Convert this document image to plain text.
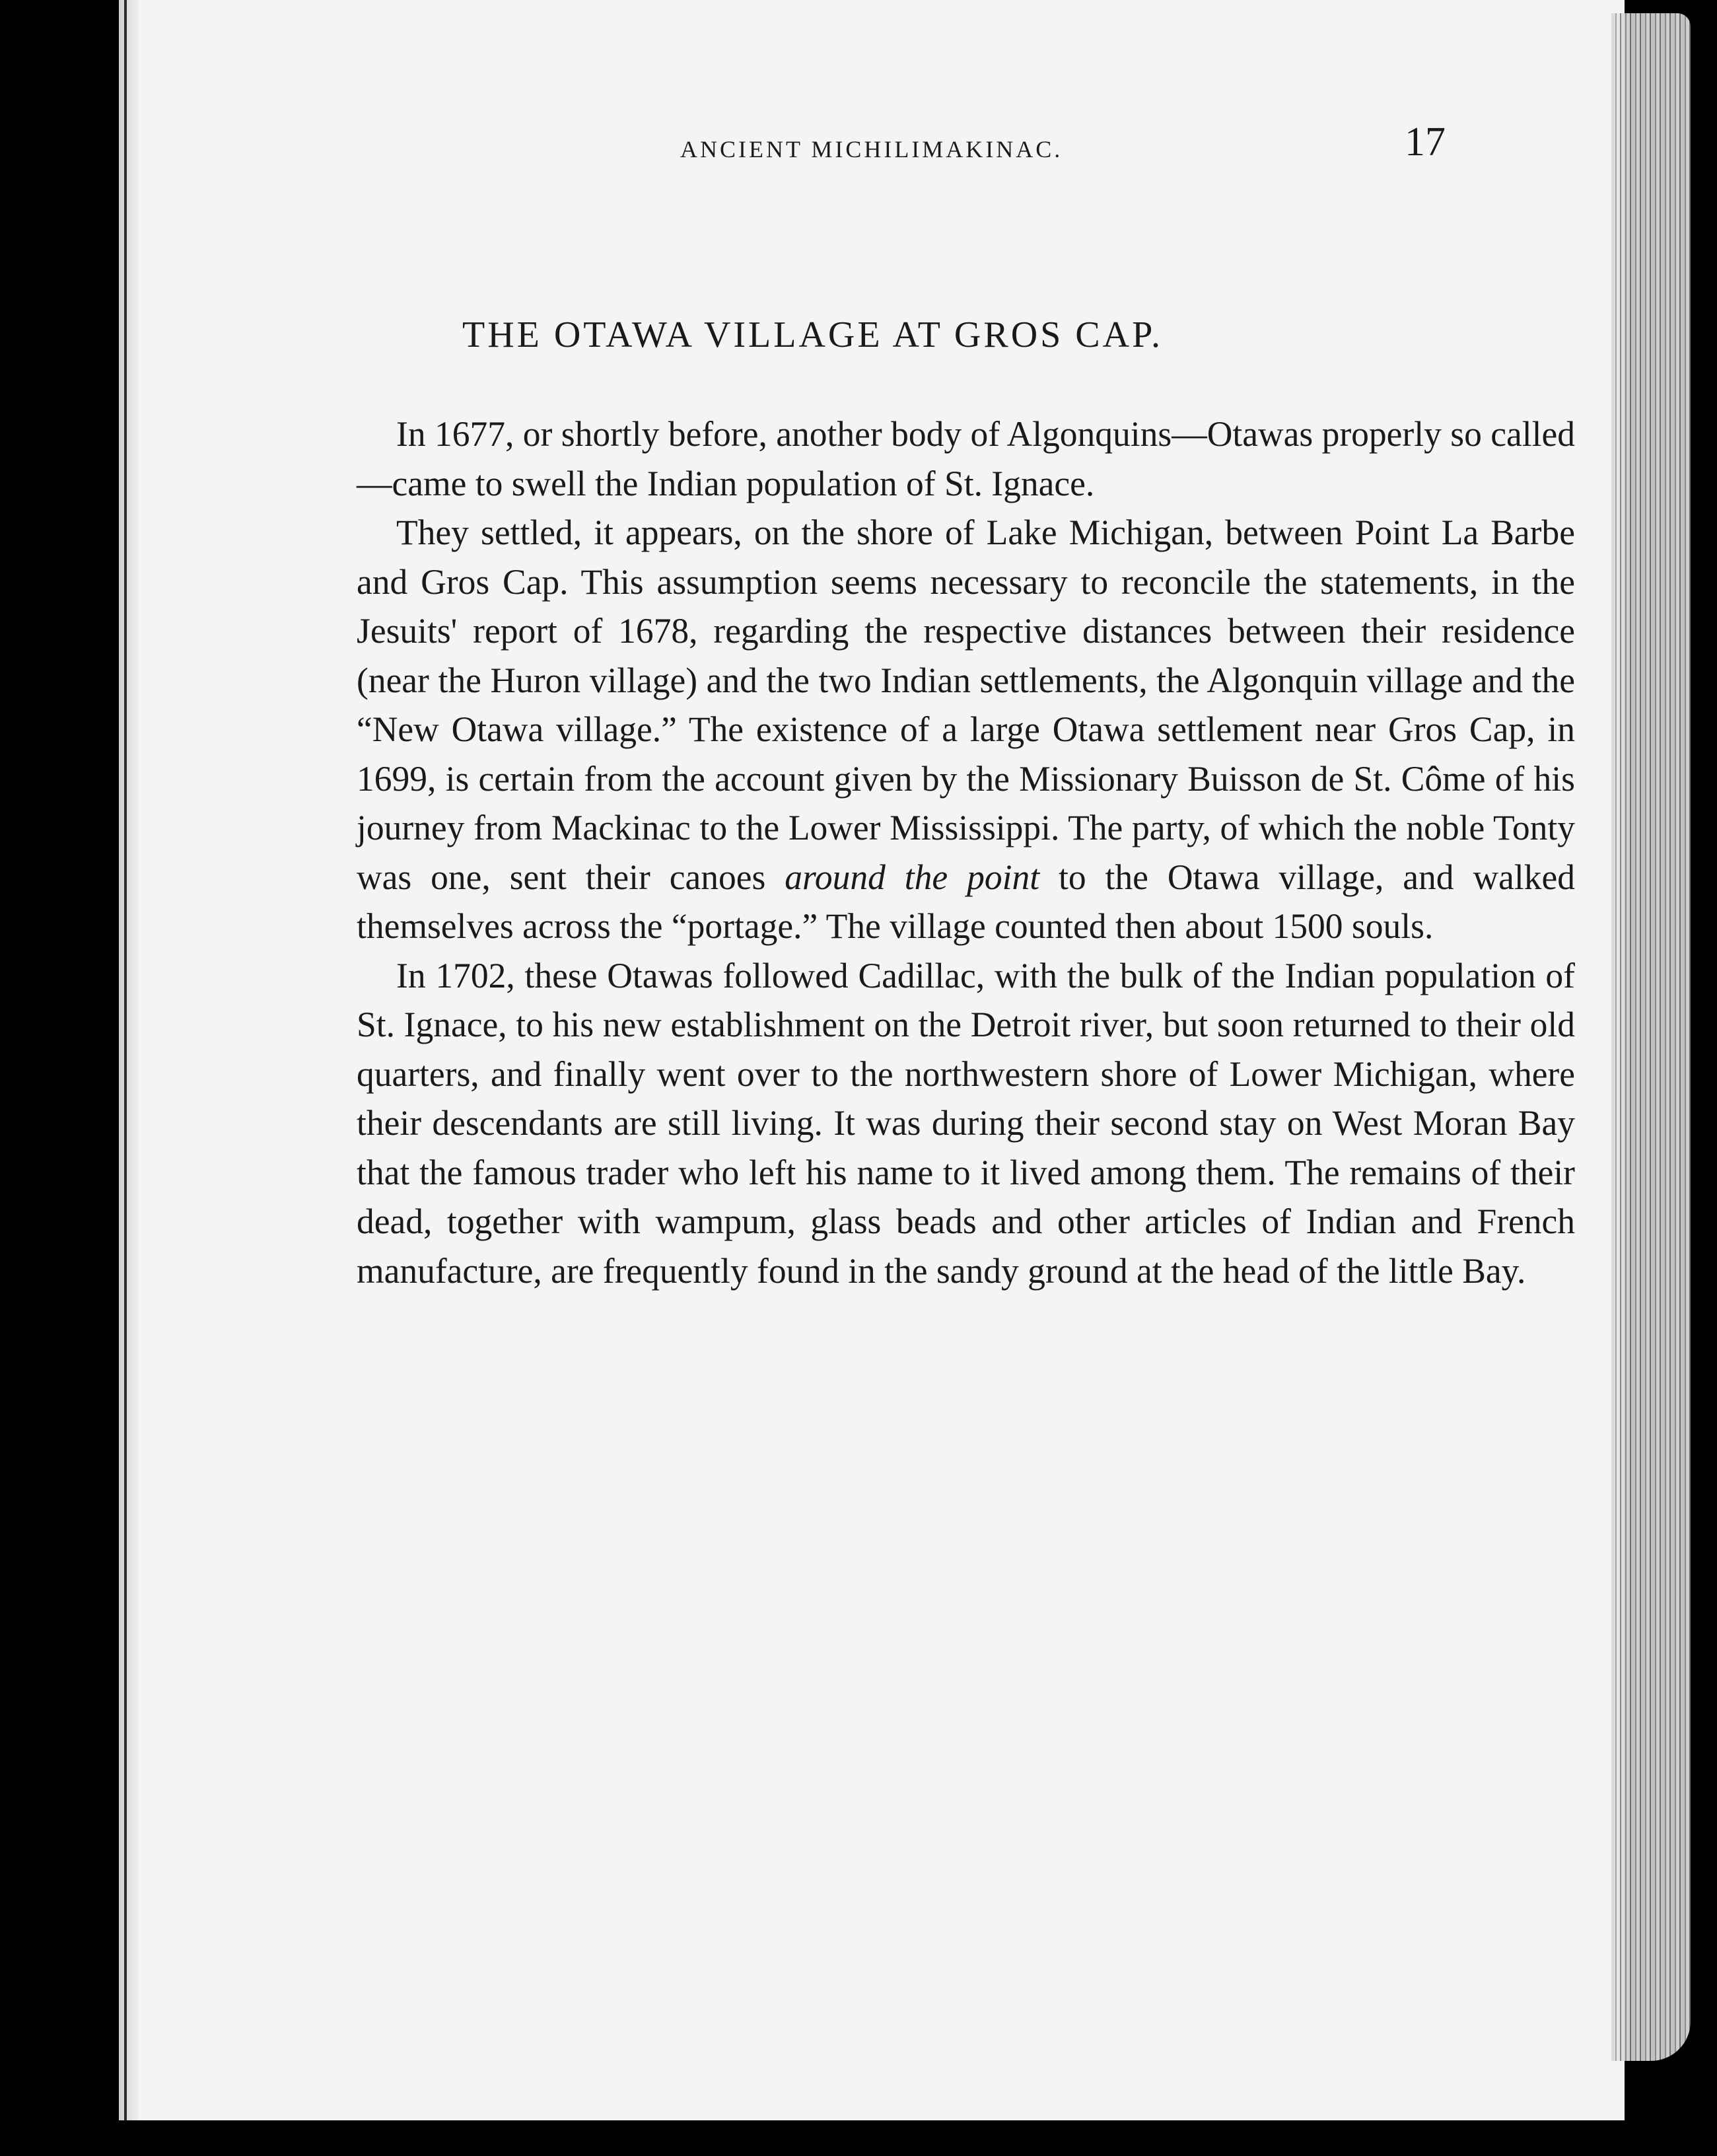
ANCIENT MICHILIMAKINAC.	17
THE OTAWA VILLAGE AT GROS CAP.

In 1677, or shortly before, another body of Algonquins—Otawas properly so called—came to swell the Indian population of St. Ignace.

They settled, it appears, on the shore of Lake Michigan, between Point La Barbe and Gros Cap. This assumption seems necessary to reconcile the statements, in the Jesuits' report of 1678, regarding the respective distances between their residence (near the Huron village) and the two Indian settlements, the Algonquin village and the “New Otawa village.” The existence of a large Otawa settlement near Gros Cap, in 1699, is certain from the account given by the Missionary Buisson de St. Côme of his journey from Mackinac to the Lower Mississippi. The party, of which the noble Tonty was one, sent their canoes around the point to the Otawa village, and walked themselves across the “portage.” The village counted then about 1500 souls.

In 1702, these Otawas followed Cadillac, with the bulk of the Indian population of St. Ignace, to his new establishment on the Detroit river, but soon returned to their old quarters, and finally went over to the northwestern shore of Lower Michigan, where their descendants are still living. It was during their second stay on West Moran Bay that the famous trader who left his name to it lived among them. The remains of their dead, together with wampum, glass beads and other articles of Indian and French manufacture, are frequently found in the sandy ground at the head of the little Bay.
